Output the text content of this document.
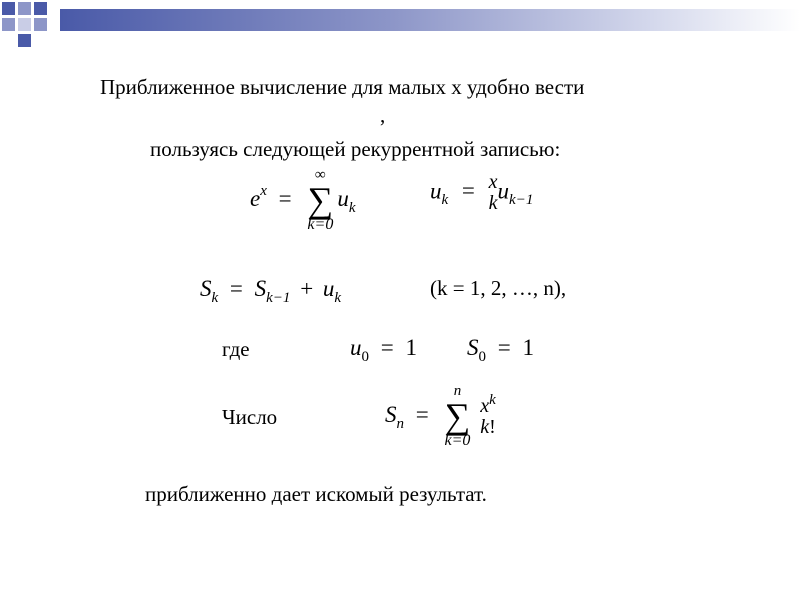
Приближенное вычисление для малых x удобно вести
,
пользуясь следующей рекуррентной записью:
$e^x$ =
∞
∑
k=0
$u_k$
$u_k = x$
k $u_{k-1}$
$S_k = S_{k-1} + u_k$	(k = 1, 2, …, n),
где	$u_0 = 1$ $S_0 = 1$
Число	$S_n$ =
n
∑
k=0

$x^k$
k!
приближенно дает искомый результат.
